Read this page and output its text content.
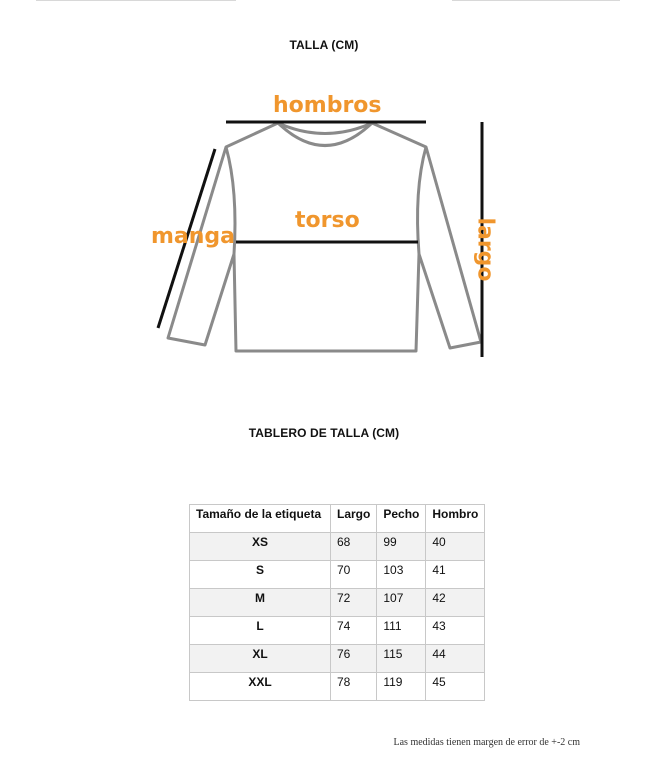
TALLA (CM)
hombros
torso
manga	largo
TABLERO DE TALLA (CM)
Tamaño de la etiqueta	Largo	Pecho	Hombro
XS	68	99	40
S	70	103	41
M	72	107	42
L	74	111	43
XL	76	115	44
XXL	78	119	45
Las medidas tienen margen de error de +-2 cm
